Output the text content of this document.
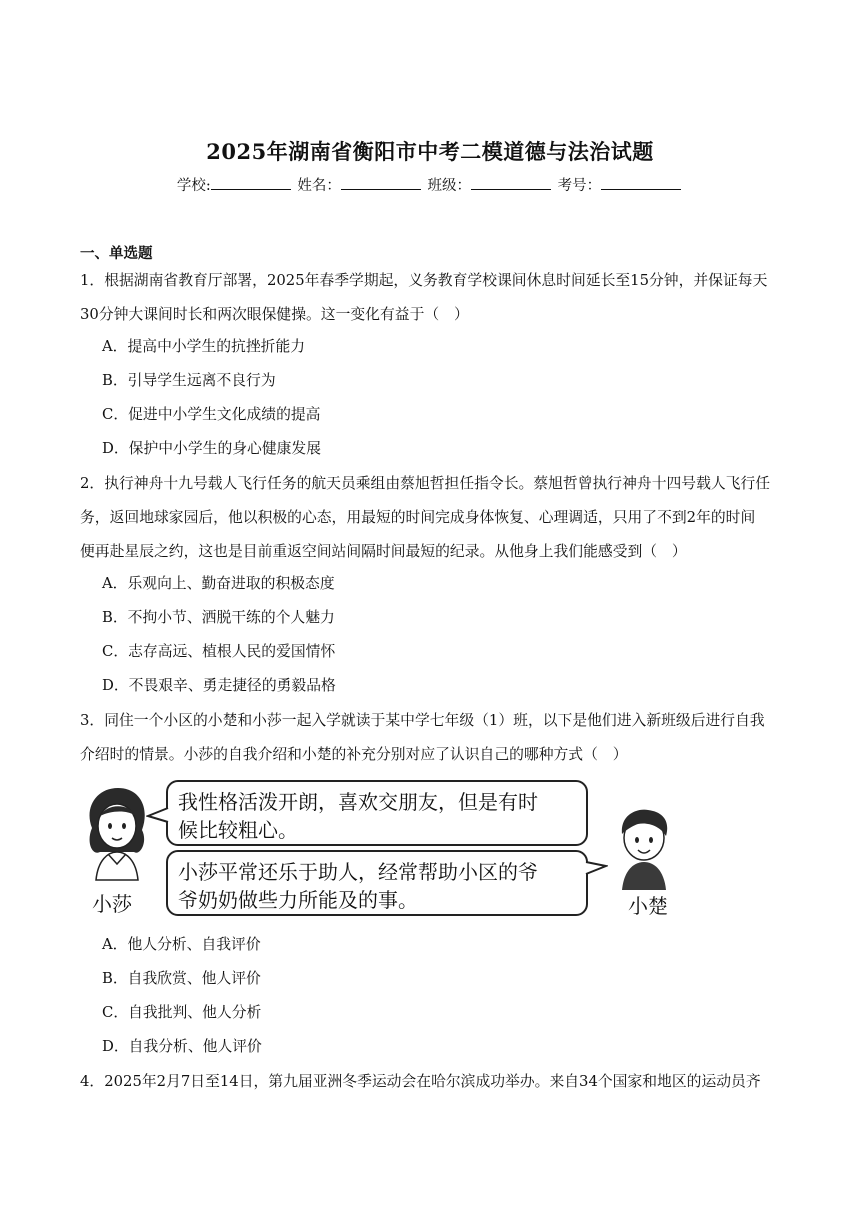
2025年湖南省衡阳市中考二模道德与法治试题
学校:	姓名：	班级：	考号：
一、单选题
1．根据湖南省教育厅部署，2025年春季学期起，义务教育学校课间休息时间延长至15分钟，并保证每天
30分钟大课间时长和两次眼保健操。这一变化有益于（　）
A．提高中小学生的抗挫折能力
B．引导学生远离不良行为
C．促进中小学生文化成绩的提高
D．保护中小学生的身心健康发展
2．执行神舟十九号载人飞行任务的航天员乘组由蔡旭哲担任指令长。蔡旭哲曾执行神舟十四号载人飞行任
务，返回地球家园后，他以积极的心态，用最短的时间完成身体恢复、心理调适，只用了不到2年的时间
便再赴星辰之约，这也是目前重返空间站间隔时间最短的纪录。从他身上我们能感受到（　）
A．乐观向上、勤奋进取的积极态度
B．不拘小节、洒脱干练的个人魅力
C．志存高远、植根人民的爱国情怀
D．不畏艰辛、勇走捷径的勇毅品格
3．同住一个小区的小楚和小莎一起入学就读于某中学七年级（1）班，以下是他们进入新班级后进行自我
介绍时的情景。小莎的自我介绍和小楚的补充分别对应了认识自己的哪种方式（　）
小莎
我性格活泼开朗，喜欢交朋友，但是有时
候比较粗心。
小莎平常还乐于助人，经常帮助小区的爷
爷奶奶做些力所能及的事。	小楚
A．他人分析、自我评价
B．自我欣赏、他人评价
C．自我批判、他人分析
D．自我分析、他人评价
4．2025年2月7日至14日，第九届亚洲冬季运动会在哈尔滨成功举办。来自34个国家和地区的运动员齐
